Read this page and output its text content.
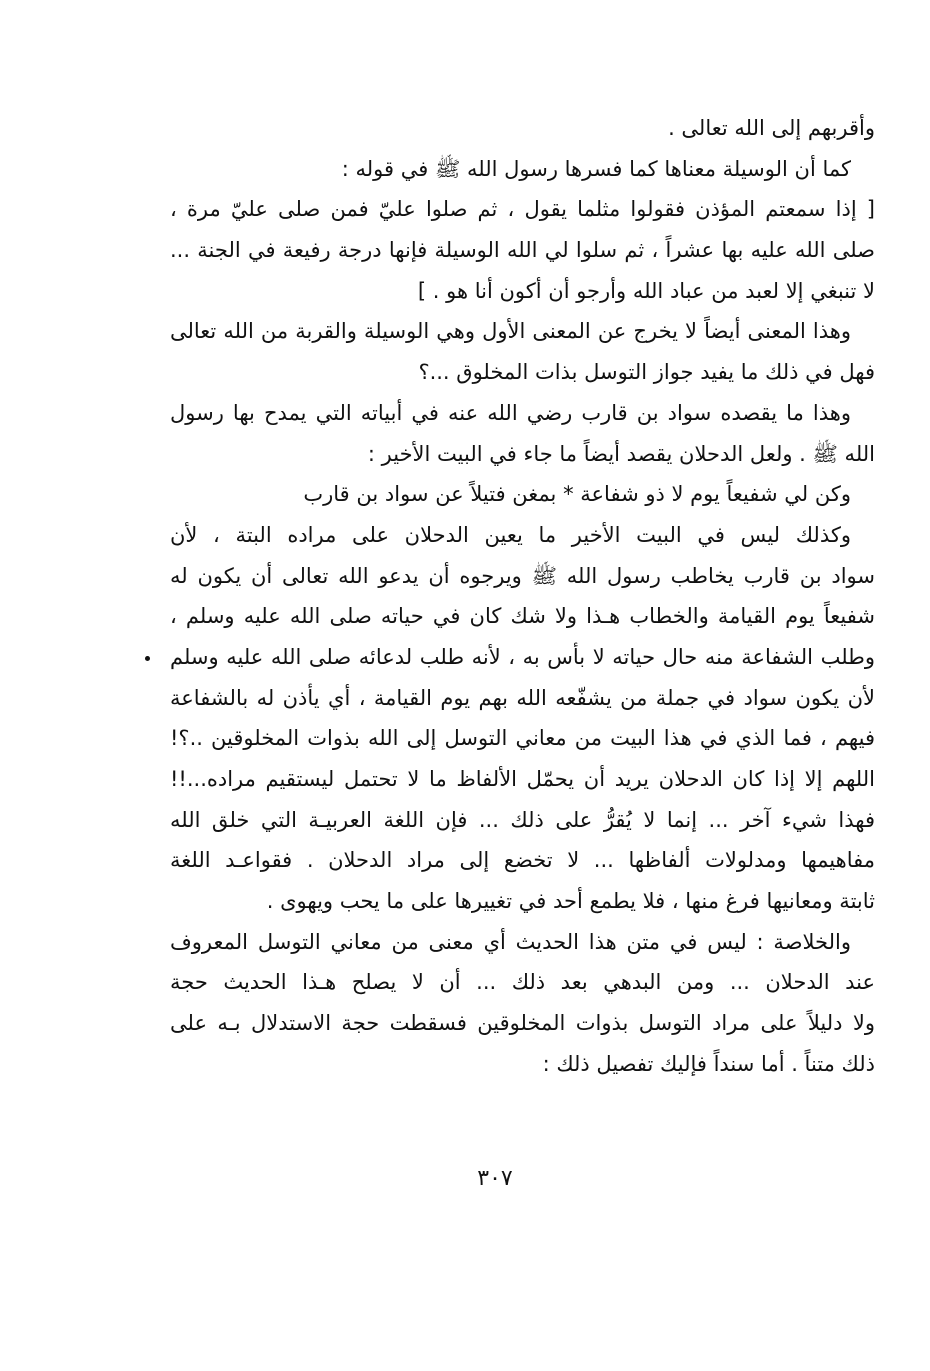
وأقربهم إلى الله تعالى .
كما أن الوسيلة معناها كما فسرها رسول الله ﷺ في قوله :
[ إذا سمعتم المؤذن فقولوا مثلما يقول ، ثم صلوا عليّ فمن صلى عليّ مرة ،
صلى الله عليه بها عشراً ، ثم سلوا لي الله الوسيلة فإنها درجة رفيعة في الجنة ...
لا تنبغي إلا لعبد من عباد الله وأرجو أن أكون أنا هو . ]
وهذا المعنى أيضاً لا يخرج عن المعنى الأول وهي الوسيلة والقربة من الله تعالى
فهل في ذلك ما يفيد جواز التوسل بذات المخلوق ...؟
وهذا ما يقصده سواد بن قارب رضي الله عنه في أبياته التي يمدح بها رسول
الله ﷺ . ولعل الدحلان يقصد أيضاً ما جاء في البيت الأخير :
وكن لي شفيعاً يوم لا ذو شفاعة * بمغن فتيلاً عن سواد بن قارب
وكذلك ليس في البيت الأخير ما يعين الدحلان على مراده البتة ، لأن
سواد بن قارب يخاطب رسول الله ﷺ ويرجوه أن يدعو الله تعالى أن يكون له
شفيعاً يوم القيامة والخطاب هـذا ولا شك كان في حياته صلى الله عليه وسلم ،
وطلب الشفاعة منه حال حياته لا بأس به ، لأنه طلب لدعائه صلى الله عليه وسلم
لأن يكون سواد في جملة من يشفّعه الله بهم يوم القيامة ، أي يأذن له بالشفاعة
فيهم ، فما الذي في هذا البيت من معاني التوسل إلى الله بذوات المخلوقين ..؟!
اللهم إلا إذا كان الدحلان يريد أن يحمّل الألفاظ ما لا تحتمل ليستقيم مراده...!!
فهذا شيء آخر ... إنما لا يُقرُّ على ذلك ... فإن اللغة العربيـة التي خلق الله
مفاهيمها ومدلولات ألفاظها ... لا تخضع إلى مراد الدحلان . فقواعـد اللغة
ثابتة ومعانيها فرغ منها ، فلا يطمع أحد في تغييرها على ما يحب ويهوى .
والخلاصة : ليس في متن هذا الحديث أي معنى من معاني التوسل المعروف
عند الدحلان ... ومن البدهي بعد ذلك ... أن لا يصلح هـذا الحديث حجة
ولا دليلاً على مراد التوسل بذوات المخلوقين فسقطت حجة الاستدلال بـه على
ذلك متناً . أما سنداً فإليك تفصيل ذلك :
٣٠٧
